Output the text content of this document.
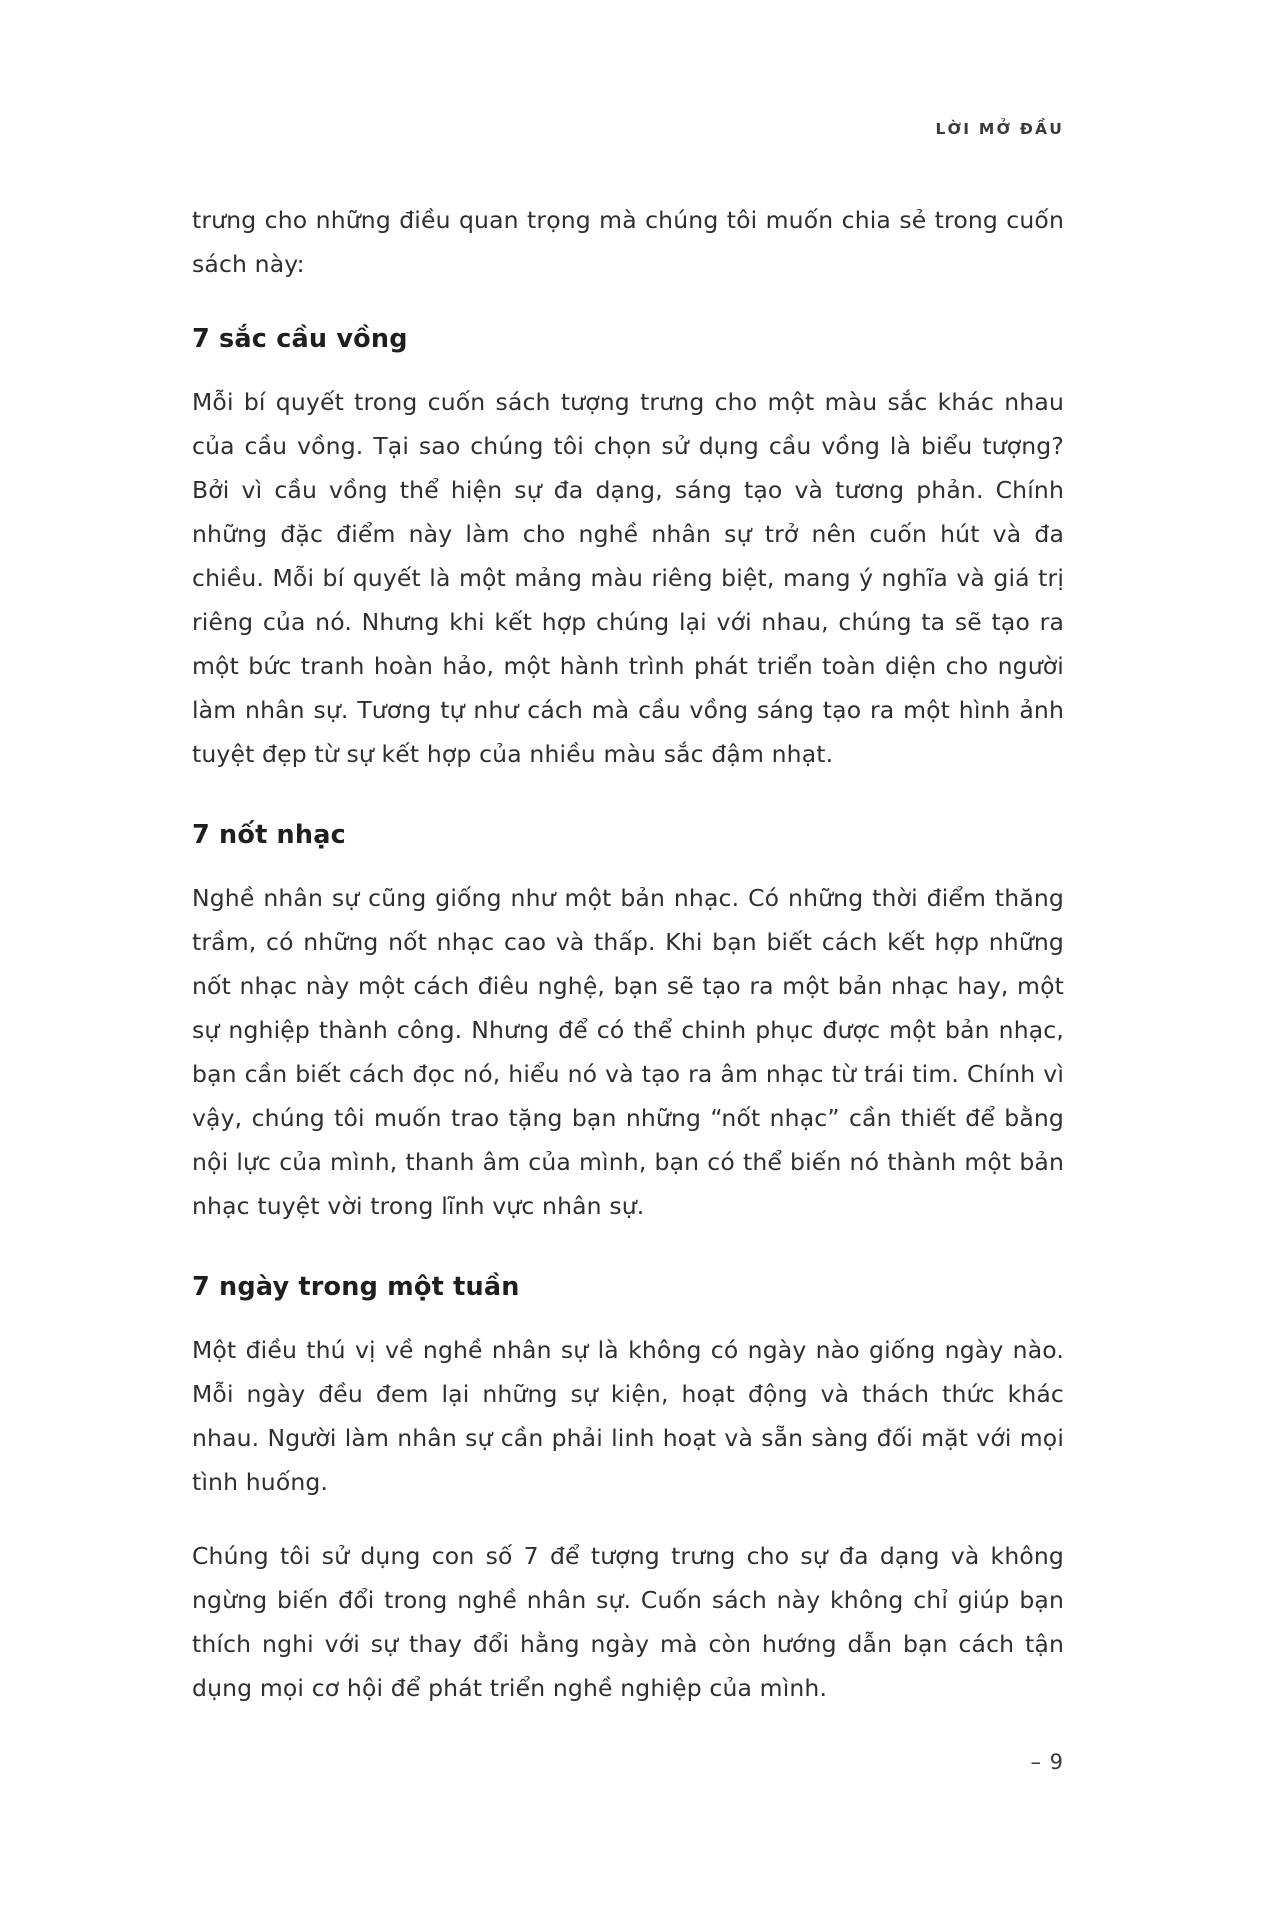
LỜI MỞ ĐẦU

trưng cho những điều quan trọng mà chúng tôi muốn chia sẻ trong cuốn sách này:

7 sắc cầu vồng

Mỗi bí quyết trong cuốn sách tượng trưng cho một màu sắc khác nhau của cầu vồng. Tại sao chúng tôi chọn sử dụng cầu vồng là biểu tượng? Bởi vì cầu vồng thể hiện sự đa dạng, sáng tạo và tương phản. Chính những đặc điểm này làm cho nghề nhân sự trở nên cuốn hút và đa chiều. Mỗi bí quyết là một mảng màu riêng biệt, mang ý nghĩa và giá trị riêng của nó. Nhưng khi kết hợp chúng lại với nhau, chúng ta sẽ tạo ra một bức tranh hoàn hảo, một hành trình phát triển toàn diện cho người làm nhân sự. Tương tự như cách mà cầu vồng sáng tạo ra một hình ảnh tuyệt đẹp từ sự kết hợp của nhiều màu sắc đậm nhạt.

7 nốt nhạc

Nghề nhân sự cũng giống như một bản nhạc. Có những thời điểm thăng trầm, có những nốt nhạc cao và thấp. Khi bạn biết cách kết hợp những nốt nhạc này một cách điêu nghệ, bạn sẽ tạo ra một bản nhạc hay, một sự nghiệp thành công. Nhưng để có thể chinh phục được một bản nhạc, bạn cần biết cách đọc nó, hiểu nó và tạo ra âm nhạc từ trái tim. Chính vì vậy, chúng tôi muốn trao tặng bạn những “nốt nhạc” cần thiết để bằng nội lực của mình, thanh âm của mình, bạn có thể biến nó thành một bản nhạc tuyệt vời trong lĩnh vực nhân sự.

7 ngày trong một tuần

Một điều thú vị về nghề nhân sự là không có ngày nào giống ngày nào. Mỗi ngày đều đem lại những sự kiện, hoạt động và thách thức khác nhau. Người làm nhân sự cần phải linh hoạt và sẵn sàng đối mặt với mọi tình huống.

Chúng tôi sử dụng con số 7 để tượng trưng cho sự đa dạng và không ngừng biến đổi trong nghề nhân sự. Cuốn sách này không chỉ giúp bạn thích nghi với sự thay đổi hằng ngày mà còn hướng dẫn bạn cách tận dụng mọi cơ hội để phát triển nghề nghiệp của mình.

– 9
